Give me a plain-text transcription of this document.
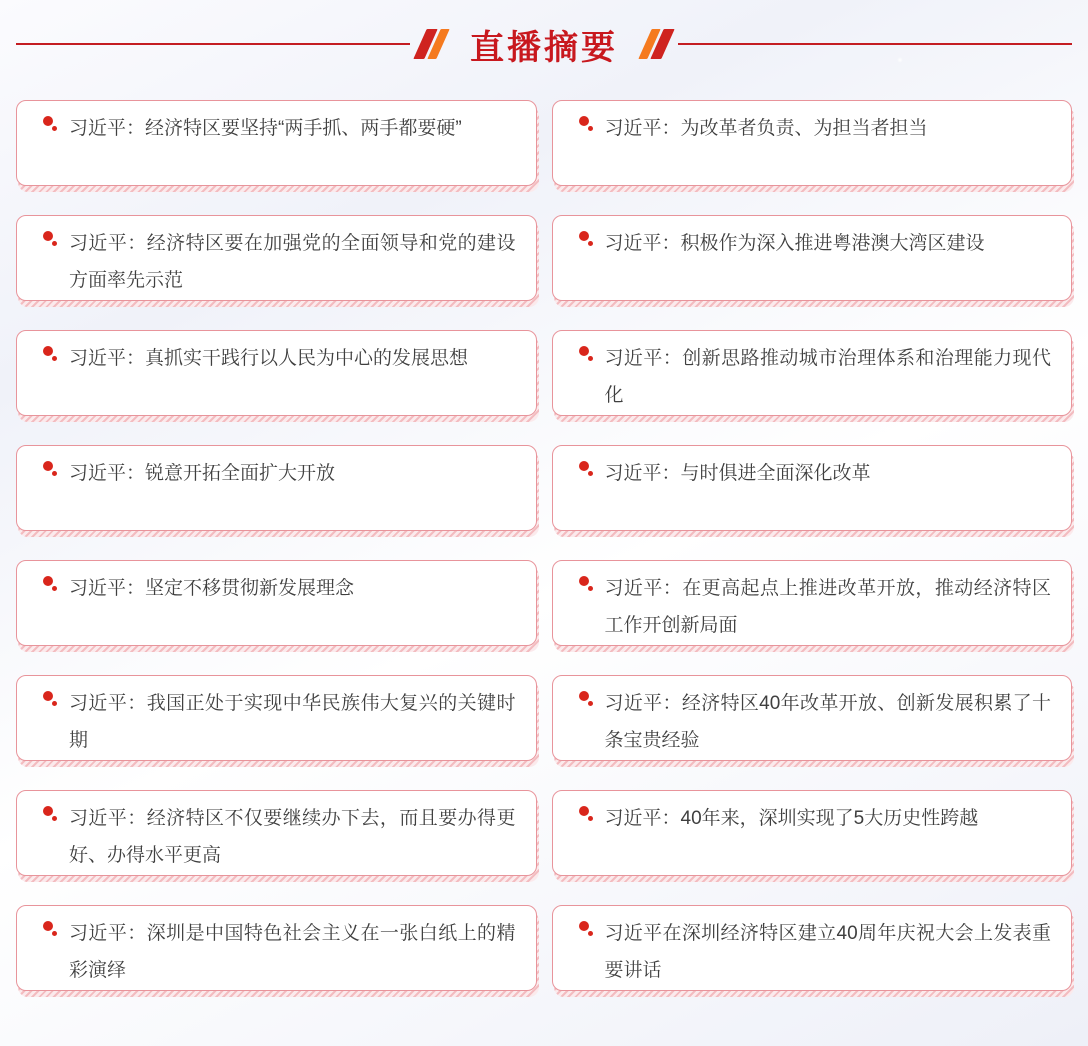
直播摘要
习近平：经济特区要坚持“两手抓、两手都要硬”
习近平：经济特区要在加强党的全面领导和党的建设方面率先示范
习近平：真抓实干践行以人民为中心的发展思想
习近平：锐意开拓全面扩大开放
习近平：坚定不移贯彻新发展理念
习近平：我国正处于实现中华民族伟大复兴的关键时期
习近平：经济特区不仅要继续办下去，而且要办得更好、办得水平更高
习近平：深圳是中国特色社会主义在一张白纸上的精彩演绎
习近平：为改革者负责、为担当者担当
习近平：积极作为深入推进粤港澳大湾区建设
习近平：创新思路推动城市治理体系和治理能力现代化
习近平：与时俱进全面深化改革
习近平：在更高起点上推进改革开放，推动经济特区工作开创新局面
习近平：经济特区40年改革开放、创新发展积累了十条宝贵经验
习近平：40年来，深圳实现了5大历史性跨越
习近平在深圳经济特区建立40周年庆祝大会上发表重要讲话
